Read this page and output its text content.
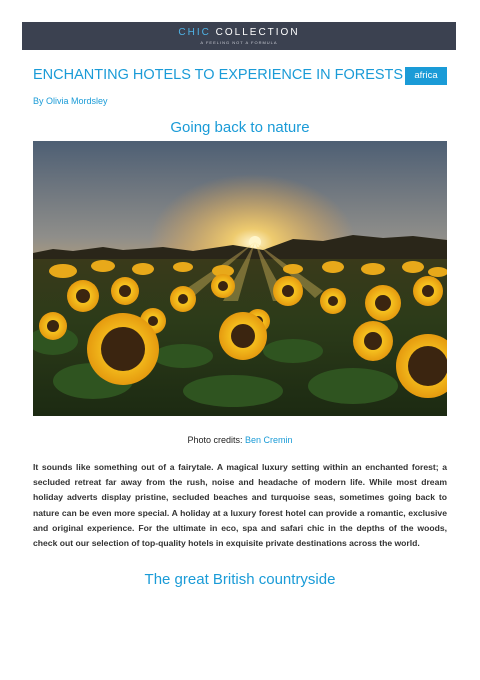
CHIC COLLECTION
A FEELING NOT A FORMULA
ENCHANTING HOTELS TO EXPERIENCE IN FORESTS	africa
By Olivia Mordsley
Going back to nature
Photo credits: Ben Cremin

It sounds like something out of a fairytale. A magical luxury setting within an enchanted forest; a secluded retreat far away from the rush, noise and headache of modern life. While most dream holiday adverts display pristine, secluded beaches and turquoise seas, sometimes going back to nature can be even more special. A holiday at a luxury forest hotel can provide a romantic, exclusive and original experience. For the ultimate in eco, spa and safari chic in the depths of the woods, check out our selection of top-quality hotels in exquisite private destinations across the world.

The great British countryside
